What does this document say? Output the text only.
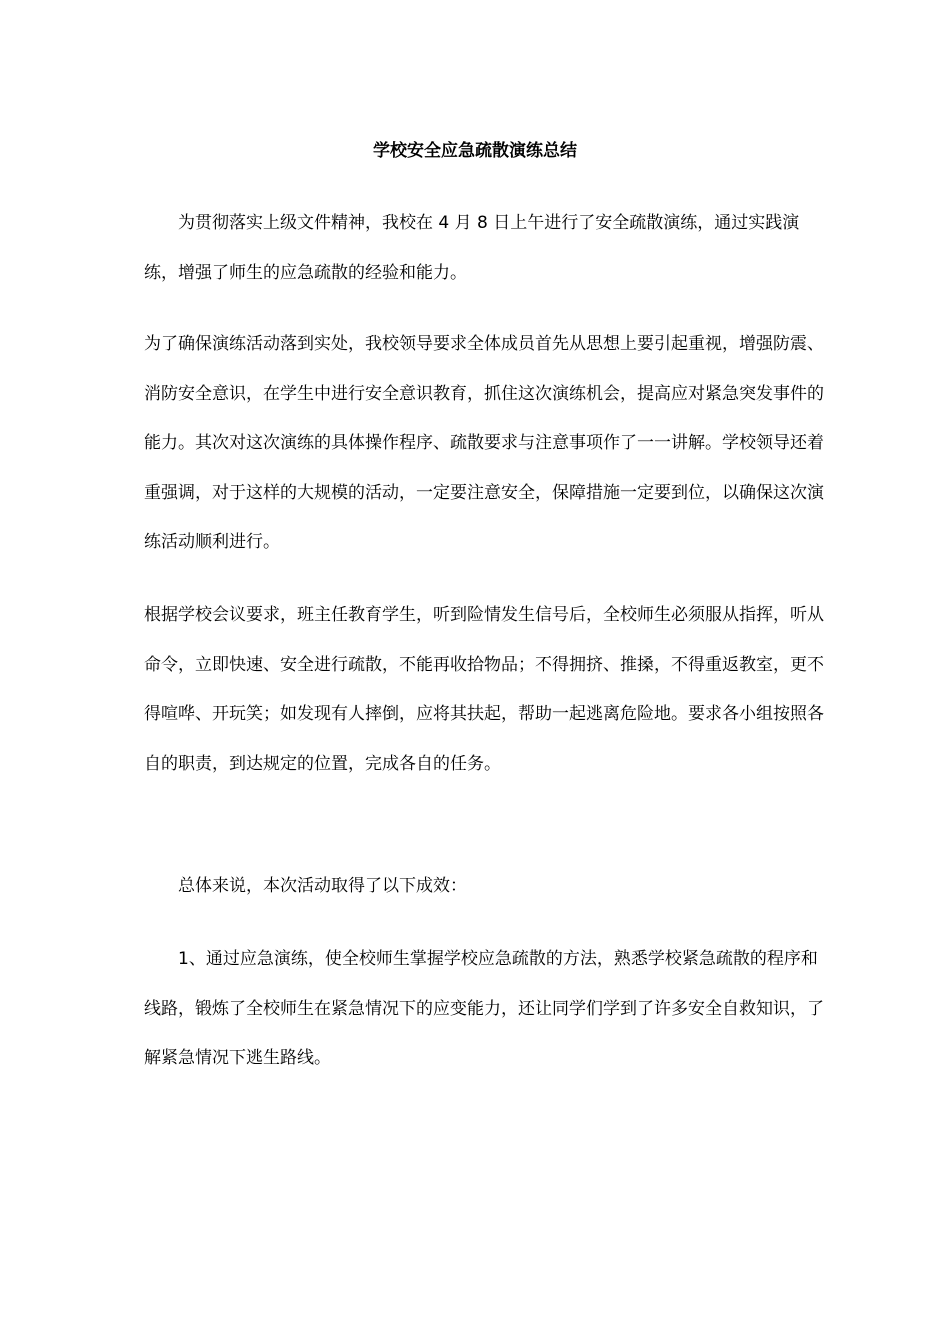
学校安全应急疏散演练总结

为贯彻落实上级文件精神，我校在 4 月 8 日上午进行了安全疏散演练，通过实践演练，增强了师生的应急疏散的经验和能力。

为了确保演练活动落到实处，我校领导要求全体成员首先从思想上要引起重视，增强防震、消防安全意识，在学生中进行安全意识教育，抓住这次演练机会，提高应对紧急突发事件的能力。其次对这次演练的具体操作程序、疏散要求与注意事项作了一一讲解。学校领导还着重强调，对于这样的大规模的活动，一定要注意安全，保障措施一定要到位，以确保这次演练活动顺利进行。

根据学校会议要求，班主任教育学生，听到险情发生信号后，全校师生必须服从指挥，听从命令，立即快速、安全进行疏散，不能再收拾物品；不得拥挤、推搡，不得重返教室，更不得喧哗、开玩笑；如发现有人摔倒，应将其扶起，帮助一起逃离危险地。要求各小组按照各自的职责，到达规定的位置，完成各自的任务。

总体来说，本次活动取得了以下成效：

1、通过应急演练，使全校师生掌握学校应急疏散的方法，熟悉学校紧急疏散的程序和线路，锻炼了全校师生在紧急情况下的应变能力，还让同学们学到了许多安全自救知识，了解紧急情况下逃生路线。
